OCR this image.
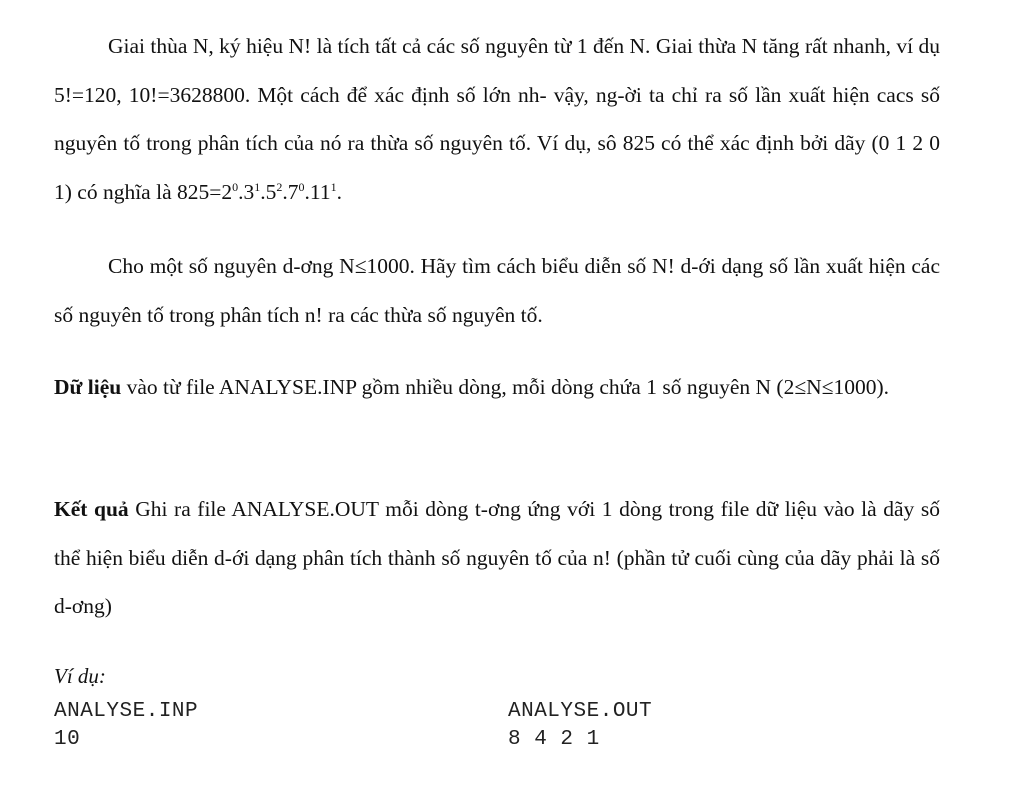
Giai thùa N, ký hiệu N! là tích tất cả các số nguyên từ 1 đến N. Giai thừa N tăng rất nhanh, ví dụ 5!=120, 10!=3628800. Một cách để xác định số lớn nh- vậy, ng-ời ta chỉ ra số lần xuất hiện cacs số nguyên tố trong phân tích của nó ra thừa số nguyên tố. Ví dụ, sô 825 có thể xác định bởi dãy (0 1 2 0 1) có nghĩa là $825=2^0.3^1.5^2.7^0.11^1$.

Cho một số nguyên d-ơng N≤1000. Hãy tìm cách biểu diễn số N! d-ới dạng số lần xuất hiện các số nguyên tố trong phân tích n! ra các thừa số nguyên tố.

Dữ liệu vào từ file ANALYSE.INP gồm nhiều dòng, mỗi dòng chứa 1 số nguyên N (2≤N≤1000).

Kết quả Ghi ra file ANALYSE.OUT mỗi dòng t-ơng ứng với 1 dòng trong file dữ liệu vào là dãy số thể hiện biểu diễn d-ới dạng phân tích thành số nguyên tố của n! (phần tử cuối cùng của dãy phải là số d-ơng)

Ví dụ:
ANALYSE.INP
10
ANALYSE.OUT
8 4 2 1
